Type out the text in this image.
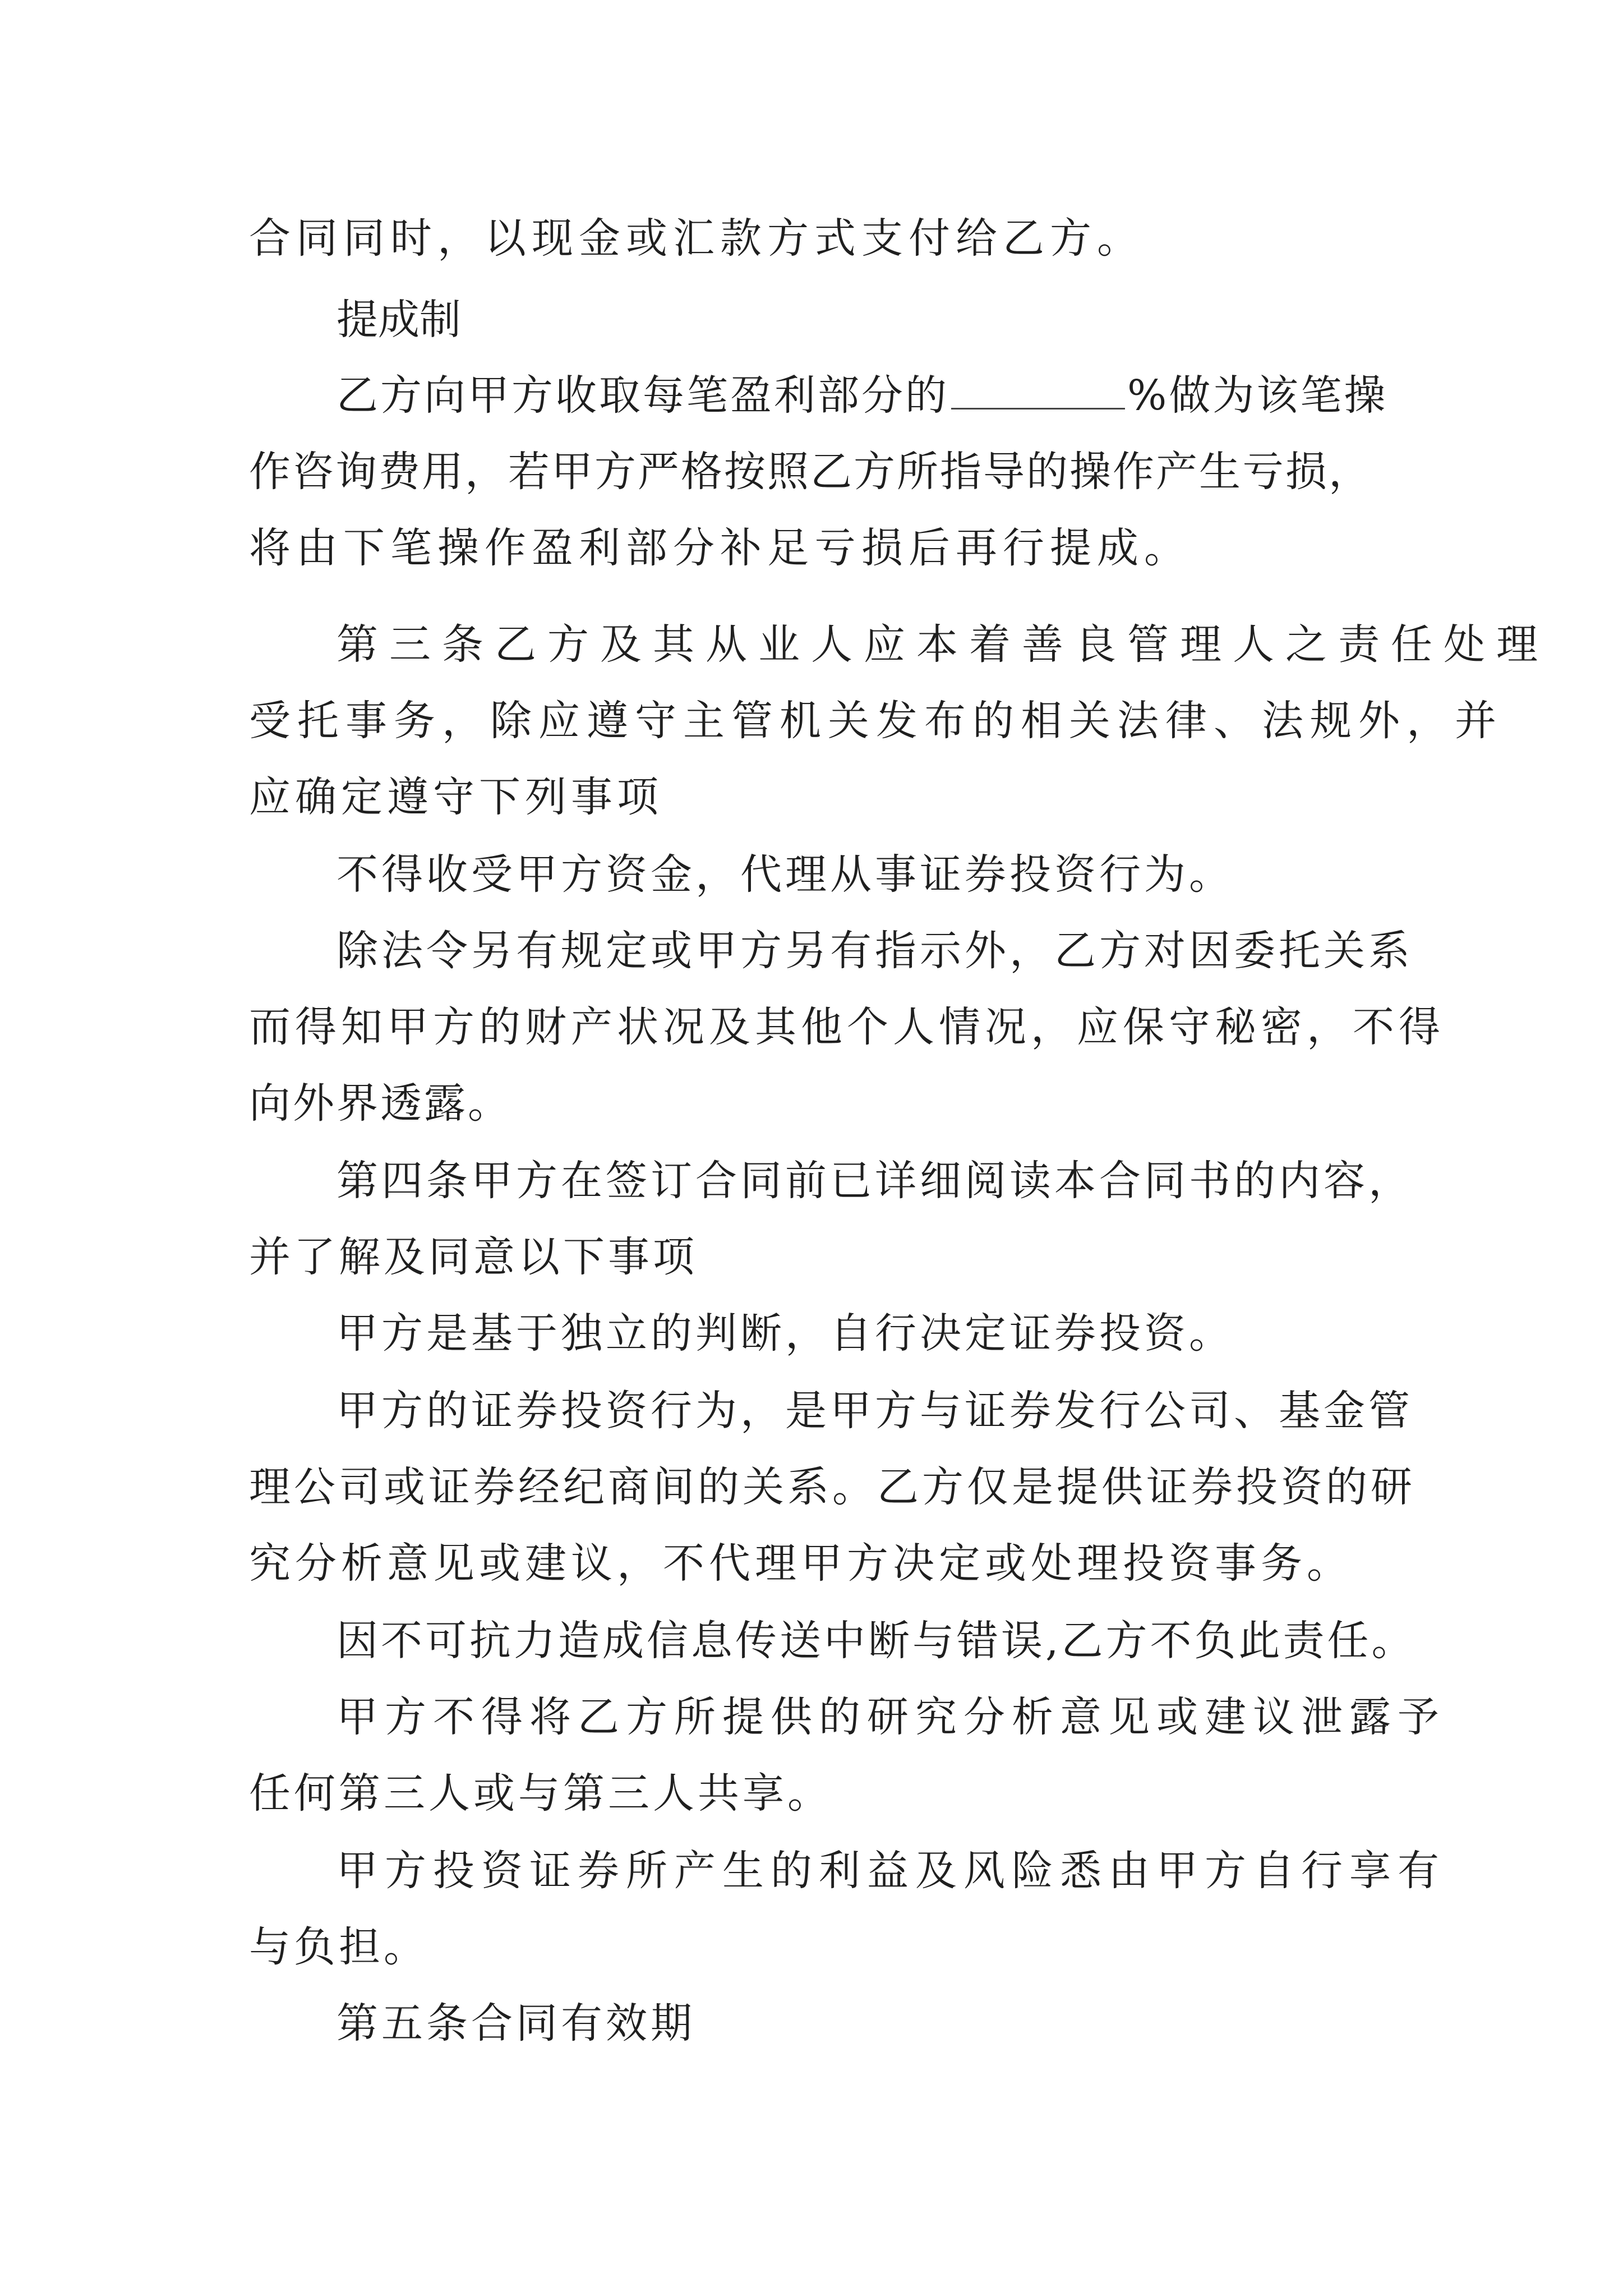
合同同时，以现金或汇款方式支付给乙方。
提成制
乙方向甲方收取每笔盈利部分的	%做为该笔操
作咨询费用，若甲方严格按照乙方所指导的操作产生亏损，
将由下笔操作盈利部分补足亏损后再行提成。
第三条乙方及其从业人应本着善良管理人之责任处理
受托事务，除应遵守主管机关发布的相关法律、法规外，并
应确定遵守下列事项
不得收受甲方资金，代理从事证券投资行为。
除法令另有规定或甲方另有指示外，乙方对因委托关系
而得知甲方的财产状况及其他个人情况，应保守秘密，不得
向外界透露。
第四条甲方在签订合同前已详细阅读本合同书的内容，
并了解及同意以下事项
甲方是基于独立的判断，自行决定证券投资。
甲方的证券投资行为，是甲方与证券发行公司、基金管
理公司或证券经纪商间的关系。乙方仅是提供证券投资的研
究分析意见或建议，不代理甲方决定或处理投资事务。
因不可抗力造成信息传送中断与错误,乙方不负此责任。
甲方不得将乙方所提供的研究分析意见或建议泄露予
任何第三人或与第三人共享。
甲方投资证券所产生的利益及风险悉由甲方自行享有
与负担。
第五条合同有效期
